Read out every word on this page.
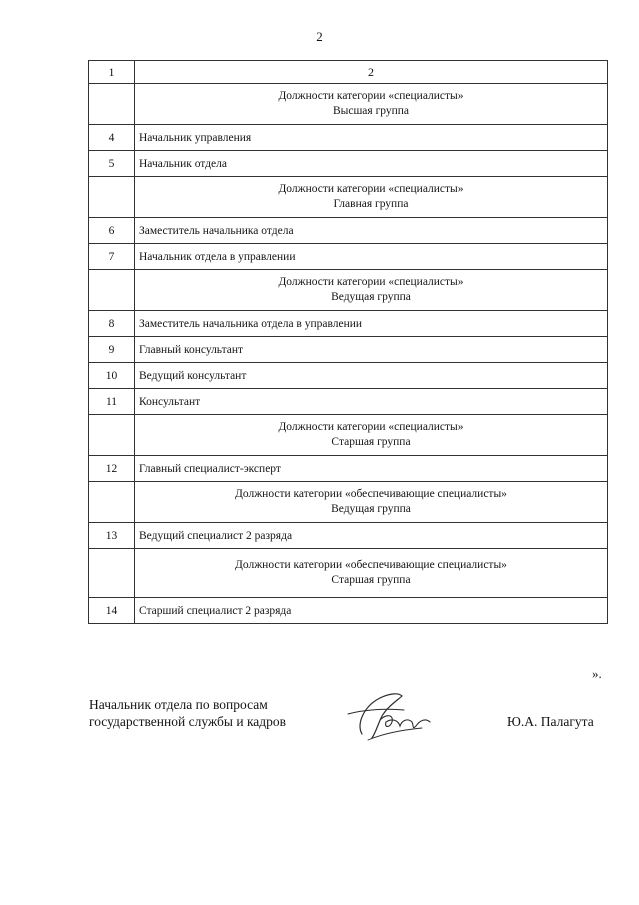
2
1	2

	Должности категории «специалисты»
Высшая группа

4	Начальник управления
5	Начальник отдела

	Должности категории «специалисты»
Главная группа

6	Заместитель начальника отдела
7	Начальник отдела в управлении

	Должности категории «специалисты»
Ведущая группа

8	Заместитель начальника отдела в управлении
9	Главный консультант
10	Ведущий консультант
11	Консультант

	Должности категории «специалисты»
Старшая группа

12	Главный специалист-эксперт

	Должности категории «обеспечивающие специалисты»
Ведущая группа

13	Ведущий специалист 2 разряда

	Должности категории «обеспечивающие специалисты»
Старшая группа

14	Старший специалист 2 разряда
».
Начальник отдела по вопросам
государственной службы и кадров	Ю.А. Палагута
